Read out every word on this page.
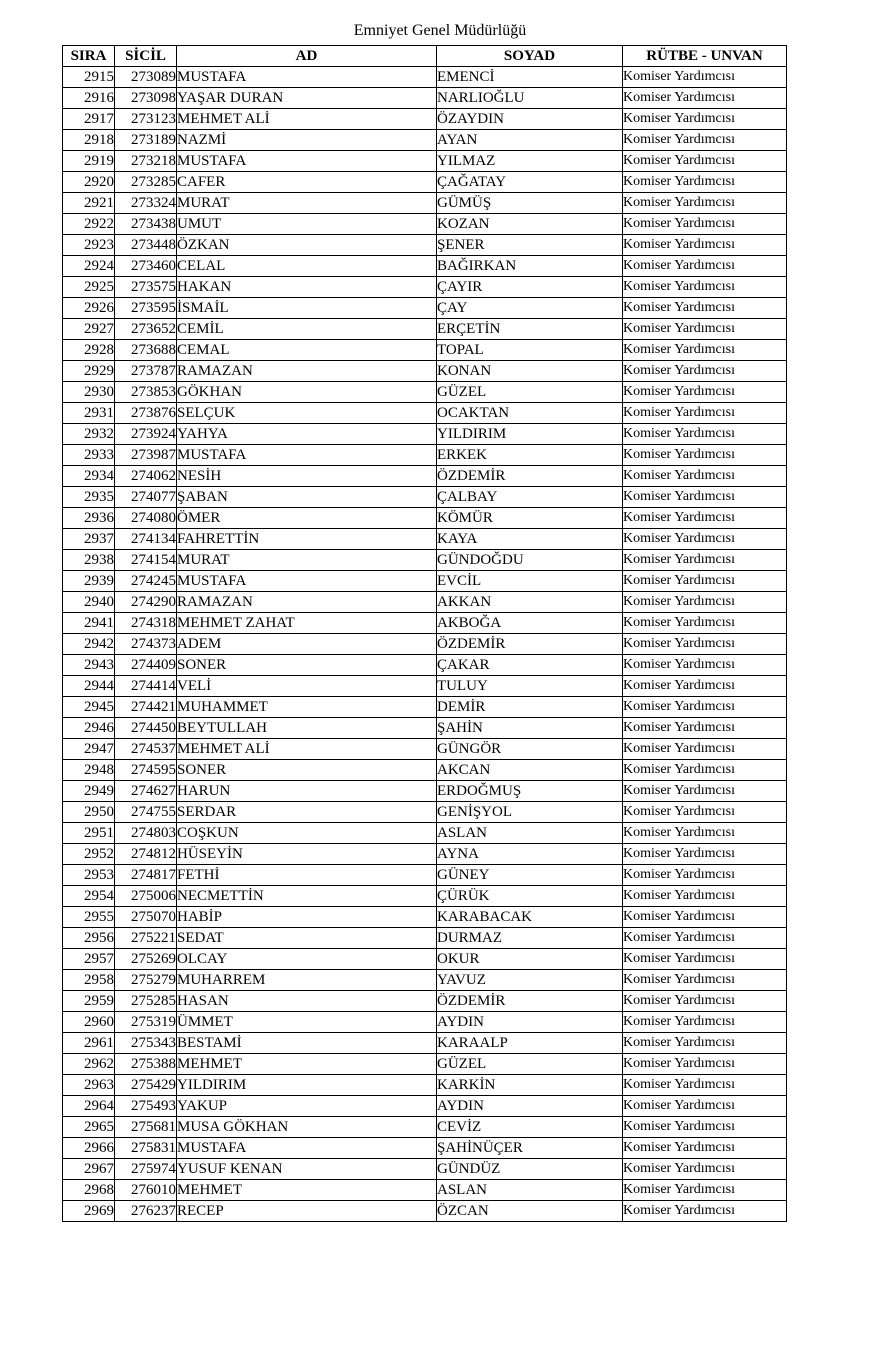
Emniyet Genel Müdürlüğü
SIRA	SİCİL	AD	SOYAD	RÜTBE - UNVAN
2915	273089	MUSTAFA	EMENCİ	Komiser Yardımcısı
2916	273098	YAŞAR DURAN	NARLIOĞLU	Komiser Yardımcısı
2917	273123	MEHMET ALİ	ÖZAYDIN	Komiser Yardımcısı
2918	273189	NAZMİ	AYAN	Komiser Yardımcısı
2919	273218	MUSTAFA	YILMAZ	Komiser Yardımcısı
2920	273285	CAFER	ÇAĞATAY	Komiser Yardımcısı
2921	273324	MURAT	GÜMÜŞ	Komiser Yardımcısı
2922	273438	UMUT	KOZAN	Komiser Yardımcısı
2923	273448	ÖZKAN	ŞENER	Komiser Yardımcısı
2924	273460	CELAL	BAĞIRKAN	Komiser Yardımcısı
2925	273575	HAKAN	ÇAYIR	Komiser Yardımcısı
2926	273595	İSMAİL	ÇAY	Komiser Yardımcısı
2927	273652	CEMİL	ERÇETİN	Komiser Yardımcısı
2928	273688	CEMAL	TOPAL	Komiser Yardımcısı
2929	273787	RAMAZAN	KONAN	Komiser Yardımcısı
2930	273853	GÖKHAN	GÜZEL	Komiser Yardımcısı
2931	273876	SELÇUK	OCAKTAN	Komiser Yardımcısı
2932	273924	YAHYA	YILDIRIM	Komiser Yardımcısı
2933	273987	MUSTAFA	ERKEK	Komiser Yardımcısı
2934	274062	NESİH	ÖZDEMİR	Komiser Yardımcısı
2935	274077	ŞABAN	ÇALBAY	Komiser Yardımcısı
2936	274080	ÖMER	KÖMÜR	Komiser Yardımcısı
2937	274134	FAHRETTİN	KAYA	Komiser Yardımcısı
2938	274154	MURAT	GÜNDOĞDU	Komiser Yardımcısı
2939	274245	MUSTAFA	EVCİL	Komiser Yardımcısı
2940	274290	RAMAZAN	AKKAN	Komiser Yardımcısı
2941	274318	MEHMET ZAHAT	AKBOĞA	Komiser Yardımcısı
2942	274373	ADEM	ÖZDEMİR	Komiser Yardımcısı
2943	274409	SONER	ÇAKAR	Komiser Yardımcısı
2944	274414	VELİ	TULUY	Komiser Yardımcısı
2945	274421	MUHAMMET	DEMİR	Komiser Yardımcısı
2946	274450	BEYTULLAH	ŞAHİN	Komiser Yardımcısı
2947	274537	MEHMET ALİ	GÜNGÖR	Komiser Yardımcısı
2948	274595	SONER	AKCAN	Komiser Yardımcısı
2949	274627	HARUN	ERDOĞMUŞ	Komiser Yardımcısı
2950	274755	SERDAR	GENİŞYOL	Komiser Yardımcısı
2951	274803	COŞKUN	ASLAN	Komiser Yardımcısı
2952	274812	HÜSEYİN	AYNA	Komiser Yardımcısı
2953	274817	FETHİ	GÜNEY	Komiser Yardımcısı
2954	275006	NECMETTİN	ÇÜRÜK	Komiser Yardımcısı
2955	275070	HABİP	KARABACAK	Komiser Yardımcısı
2956	275221	SEDAT	DURMAZ	Komiser Yardımcısı
2957	275269	OLCAY	OKUR	Komiser Yardımcısı
2958	275279	MUHARREM	YAVUZ	Komiser Yardımcısı
2959	275285	HASAN	ÖZDEMİR	Komiser Yardımcısı
2960	275319	ÜMMET	AYDIN	Komiser Yardımcısı
2961	275343	BESTAMİ	KARAALP	Komiser Yardımcısı
2962	275388	MEHMET	GÜZEL	Komiser Yardımcısı
2963	275429	YILDIRIM	KARKİN	Komiser Yardımcısı
2964	275493	YAKUP	AYDIN	Komiser Yardımcısı
2965	275681	MUSA GÖKHAN	CEVİZ	Komiser Yardımcısı
2966	275831	MUSTAFA	ŞAHİNÜÇER	Komiser Yardımcısı
2967	275974	YUSUF KENAN	GÜNDÜZ	Komiser Yardımcısı
2968	276010	MEHMET	ASLAN	Komiser Yardımcısı
2969	276237	RECEP	ÖZCAN	Komiser Yardımcısı
